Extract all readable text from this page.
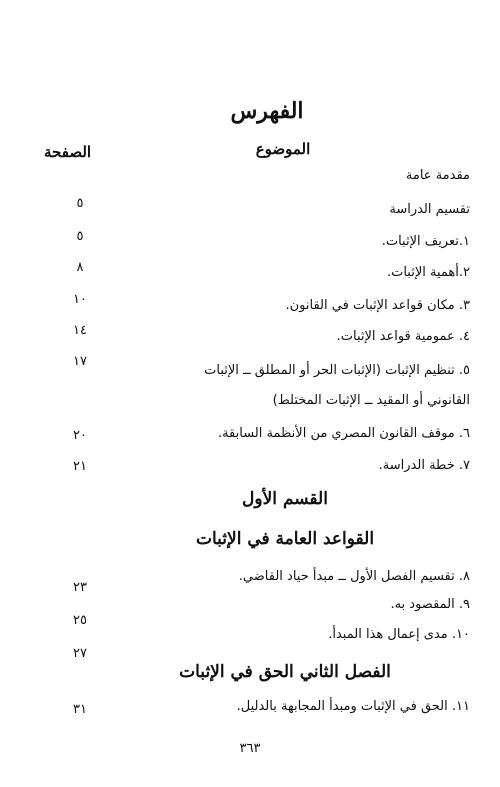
الفهرس
الموضوع
الصفحة
مقدمة عامة
تقسيم الدراسة
٥
١.تعريف الإثبات.
٥
٢.أهمية الإثبات.
٨
٣. مكان قواعد الإثبات في القانون.
١٠
٤. عمومية قواعد الإثبات.
١٤
٥. تنظيم الإثبات (الإثبات الحر أو المطلق ــ الإثبات
١٧
القانوني أو المقيد ــ الإثبات المختلط)
٦. موقف القانون المصري من الأنظمة السابقة.
٢٠
٧. خطة الدراسة.
٢١
القسم الأول
القواعد العامة في الإثبات
٨. تقسيم الفصل الأول ــ مبدأ حياد القاضي.
٢٣
٩. المقصود به.
٢٥
١٠. مدى إعمال هذا المبدأ.
٢٧
الفصل الثاني الحق في الإثبات
١١. الحق في الإثبات ومبدأ المجابهة بالدليل.
٣١
٣٦٣
